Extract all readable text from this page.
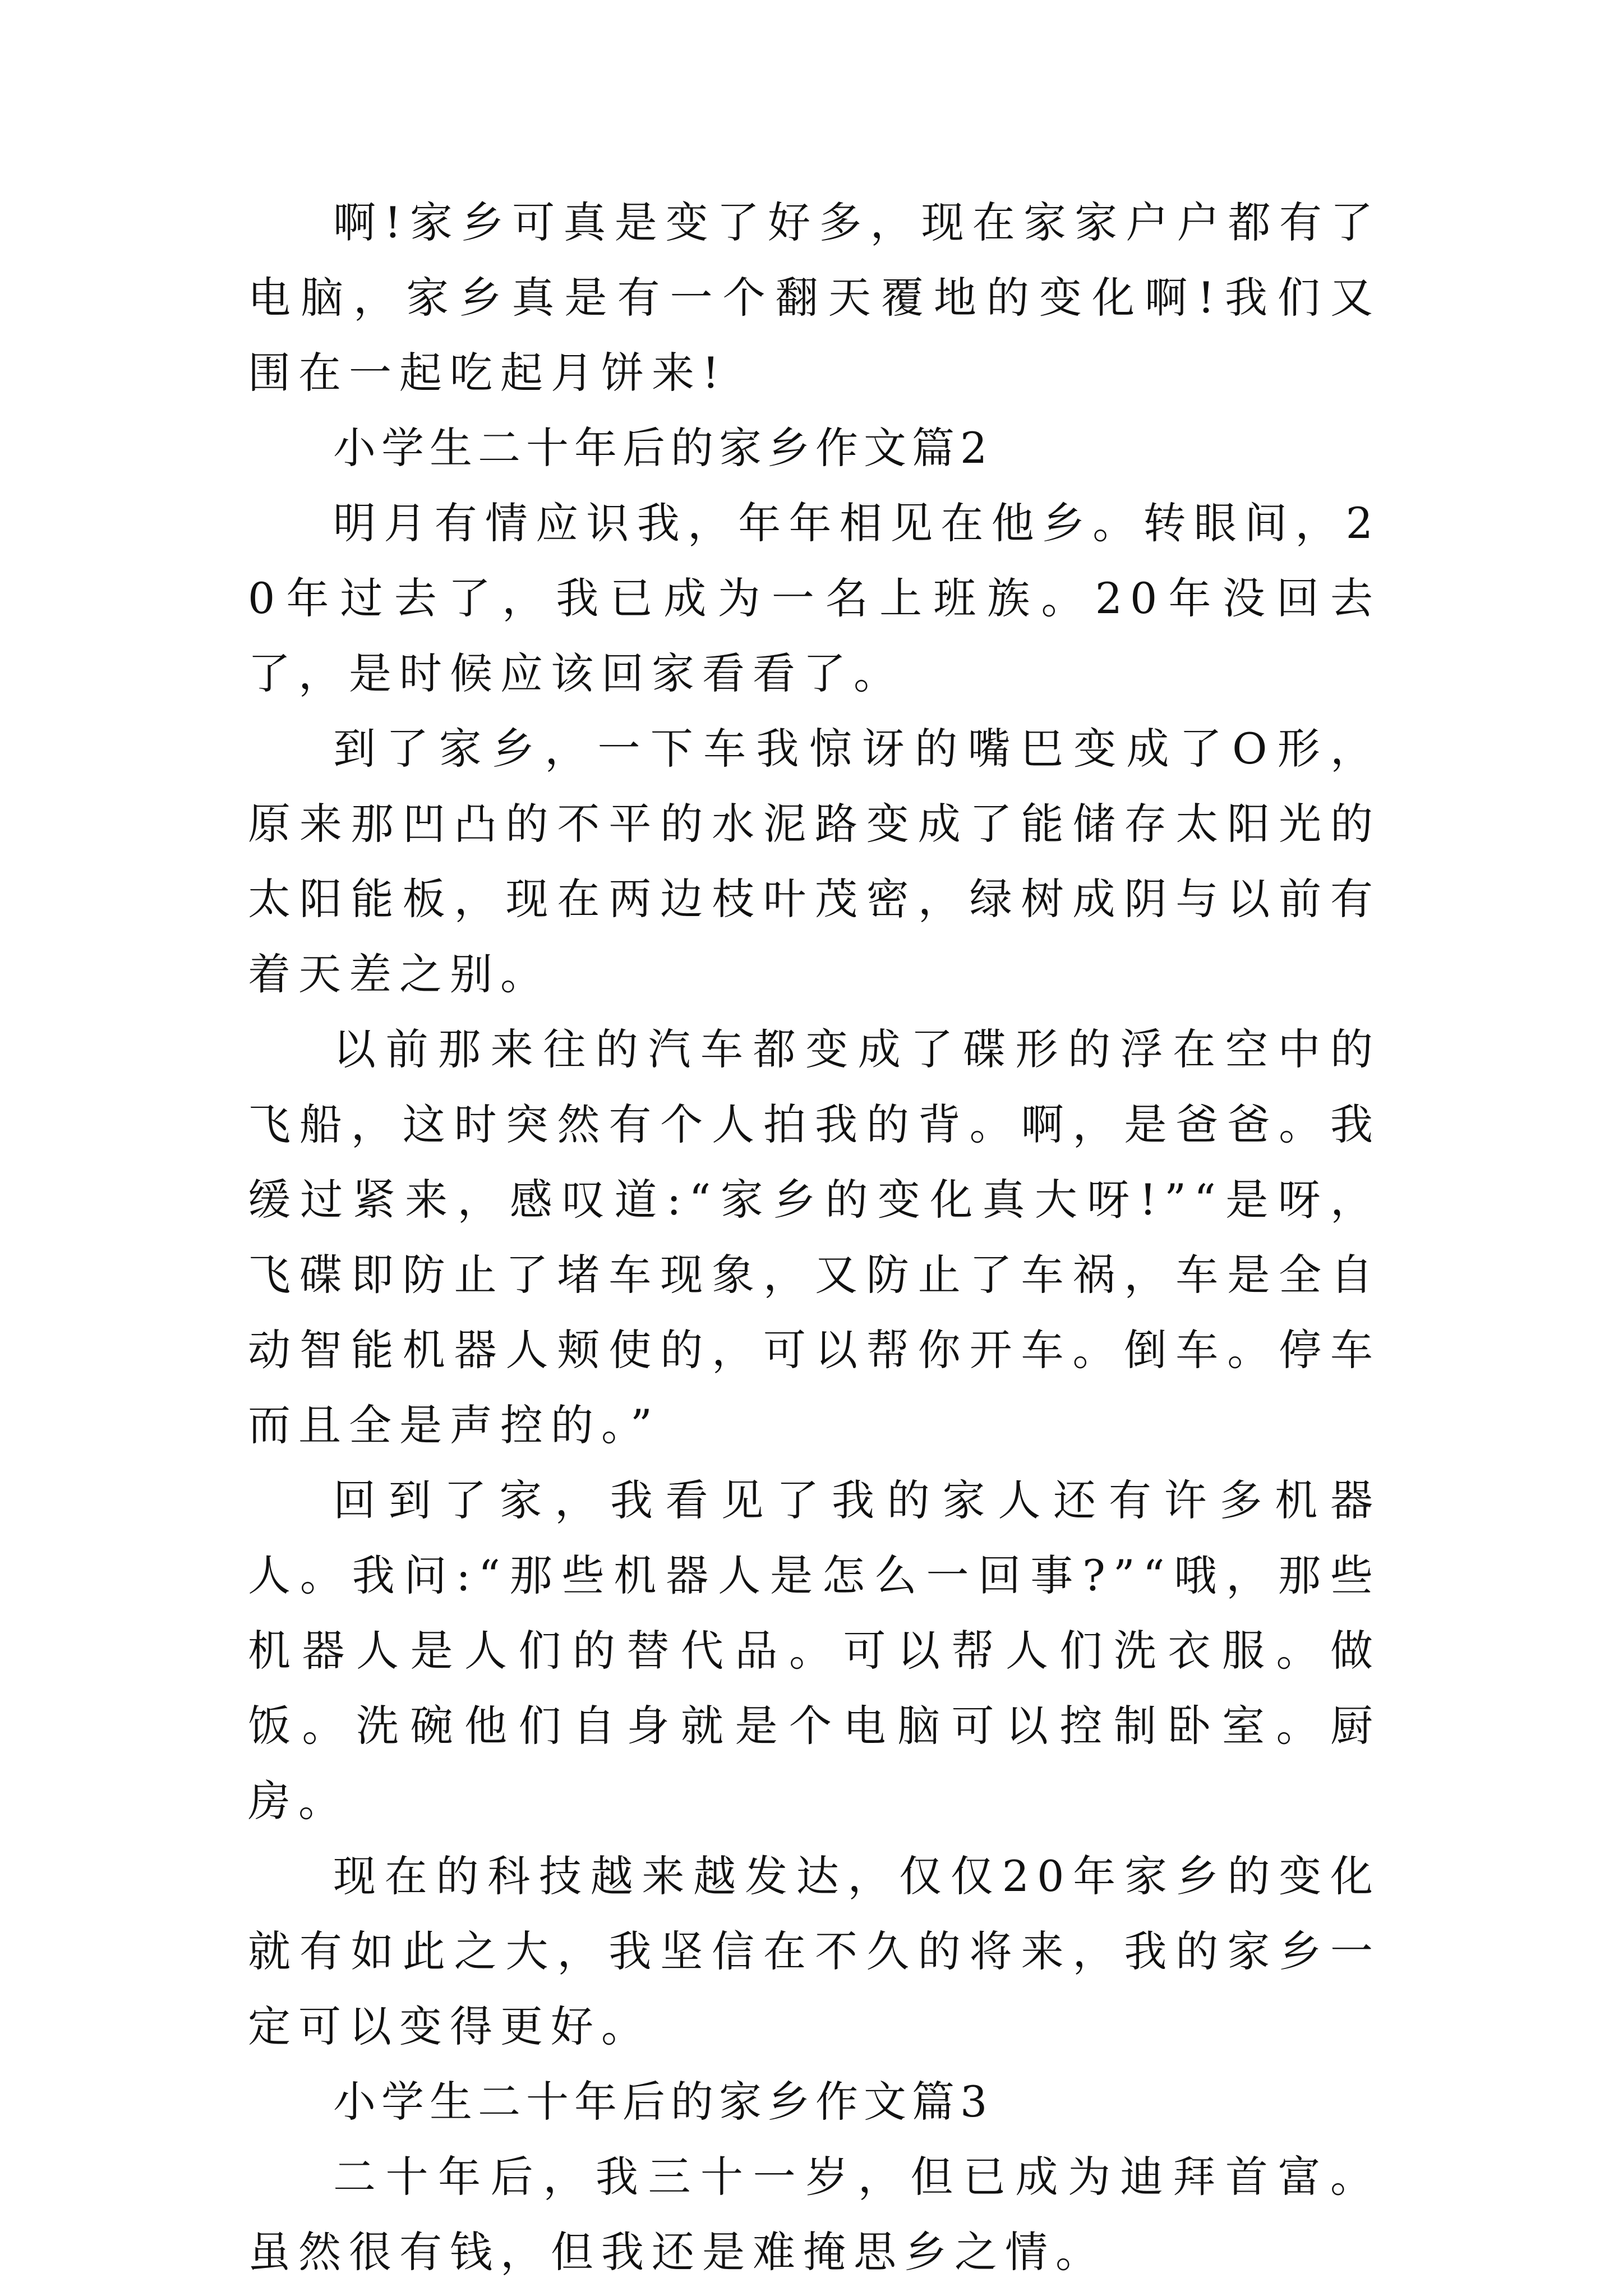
啊!家乡可真是变了好多，现在家家户户都有了电脑，家乡真是有一个翻天覆地的变化啊!我们又围在一起吃起月饼来!

小学生二十年后的家乡作文篇2

明月有情应识我，年年相见在他乡。转眼间，20年过去了，我已成为一名上班族。20年没回去了，是时候应该回家看看了。

到了家乡，一下车我惊讶的嘴巴变成了O形，原来那凹凸的不平的水泥路变成了能储存太阳光的太阳能板，现在两边枝叶茂密，绿树成阴与以前有着天差之别。

以前那来往的汽车都变成了碟形的浮在空中的飞船，这时突然有个人拍我的背。啊，是爸爸。我缓过紧来，感叹道:“家乡的变化真大呀!”“是呀，飞碟即防止了堵车现象，又防止了车祸，车是全自动智能机器人颊使的，可以帮你开车。倒车。停车而且全是声控的。”

回到了家，我看见了我的家人还有许多机器人。我问:“那些机器人是怎么一回事?”“哦，那些机器人是人们的替代品。可以帮人们洗衣服。做饭。洗碗他们自身就是个电脑可以控制卧室。厨房。

现在的科技越来越发达，仅仅20年家乡的变化就有如此之大，我坚信在不久的将来，我的家乡一定可以变得更好。

小学生二十年后的家乡作文篇3

二十年后，我三十一岁，但已成为迪拜首富。虽然很有钱，但我还是难掩思乡之情。
